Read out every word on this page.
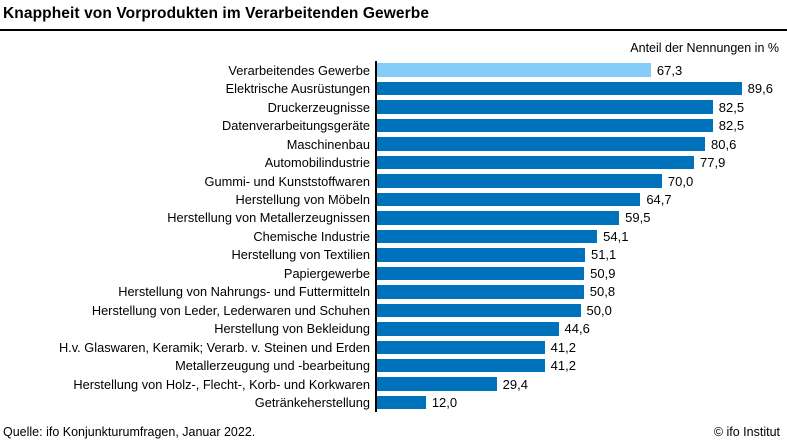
Knappheit von Vorprodukten im Verarbeitenden Gewerbe
Anteil der Nennungen in %
Verarbeitendes Gewerbe	67,3
Elektrische Ausrüstungen	89,6
Druckerzeugnisse	82,5
Datenverarbeitungsgeräte	82,5
Maschinenbau	80,6
Automobilindustrie	77,9
Gummi- und Kunststoffwaren	70,0
Herstellung von Möbeln	64,7
Herstellung von Metallerzeugnissen	59,5
Chemische Industrie	54,1
Herstellung von Textilien	51,1
Papiergewerbe	50,9
Herstellung von Nahrungs- und Futtermitteln	50,8
Herstellung von Leder, Lederwaren und Schuhen	50,0
Herstellung von Bekleidung	44,6
H.v. Glaswaren, Keramik; Verarb. v. Steinen und Erden	41,2
Metallerzeugung und -bearbeitung	41,2
Herstellung von Holz-, Flecht-, Korb- und Korkwaren	29,4
Getränkeherstellung	12,0
Quelle: ifo Konjunkturumfragen, Januar 2022.	© ifo Institut
